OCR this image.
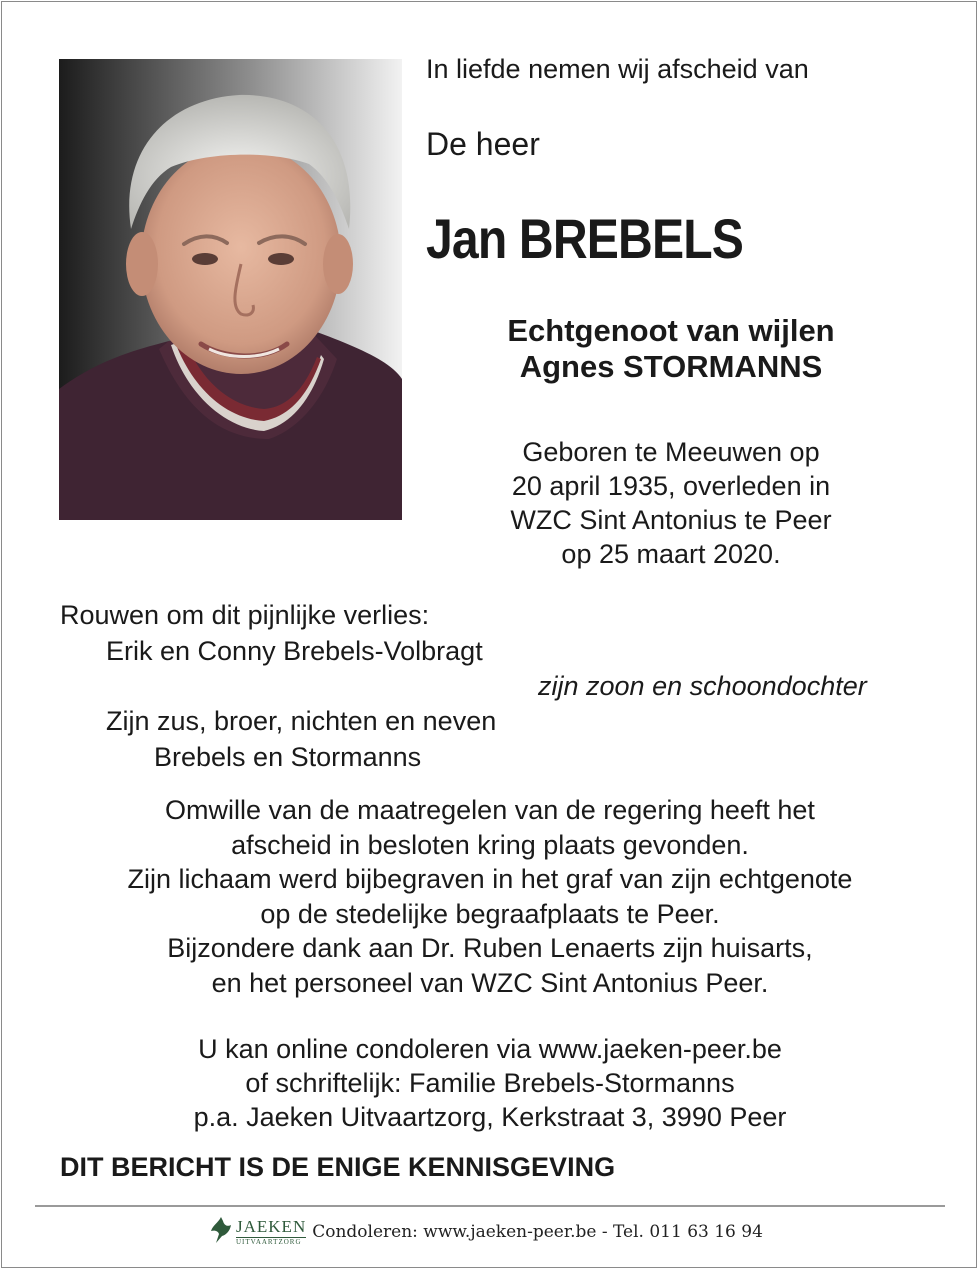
In liefde nemen wij afscheid van
De heer
Jan BREBELS
Echtgenoot van wijlen
Agnes STORMANNS
Geboren te Meeuwen op
20 april 1935, overleden in
WZC Sint Antonius te Peer
op 25 maart 2020.
Rouwen om dit pijnlijke verlies:
Erik en Conny Brebels-Volbragt
zijn zoon en schoondochter
Zijn zus, broer, nichten en neven
Brebels en Stormanns
Omwille van de maatregelen van de regering heeft het
afscheid in besloten kring plaats gevonden.
Zijn lichaam werd bijbegraven in het graf van zijn echtgenote
op de stedelijke begraafplaats te Peer.
Bijzondere dank aan Dr. Ruben Lenaerts zijn huisarts,
en het personeel van WZC Sint Antonius Peer.
U kan online condoleren via www.jaeken-peer.be
of schriftelijk: Familie Brebels-Stormanns
p.a. Jaeken Uitvaartzorg, Kerkstraat 3, 3990 Peer
DIT BERICHT IS DE ENIGE KENNISGEVING
JAEKEN
UITVAARTZORG Condoleren: www.jaeken-peer.be - Tel. 011 63 16 94
